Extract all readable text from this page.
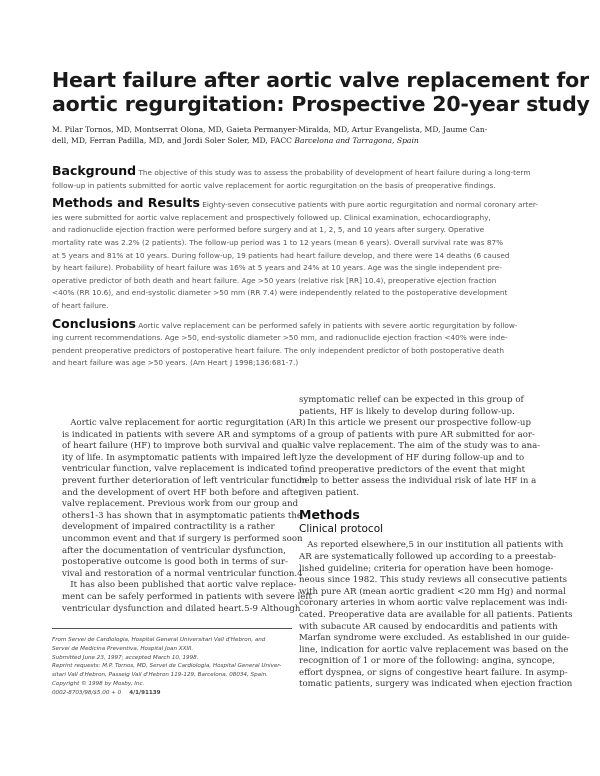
Heart failure after aortic valve replacement for
aortic regurgitation: Prospective 20-year study
M. Pilar Tornos, MD, Montserrat Olona, MD, Gaieta Permanyer-Miralda, MD, Artur Evangelista, MD, Jaume Can-
dell, MD, Ferran Padilla, MD, and Jordi Soler Soler, MD, FACC Barcelona and Tarragona, Spain
Background The objective of this study was to assess the probability of development of heart failure during a long-term
follow-up in patients submitted for aortic valve replacement for aortic regurgitation on the basis of preoperative findings.
Methods and Results Eighty-seven consecutive patients with pure aortic regurgitation and normal coronary arter-
ies were submitted for aortic valve replacement and prospectively followed up. Clinical examination, echocardiography,
and radionuclide ejection fraction were performed before surgery and at 1, 2, 5, and 10 years after surgery. Operative
mortality rate was 2.2% (2 patients). The follow-up period was 1 to 12 years (mean 6 years). Overall survival rate was 87%
at 5 years and 81% at 10 years. During follow-up, 19 patients had heart failure develop, and there were 14 deaths (6 caused
by heart failure). Probability of heart failure was 16% at 5 years and 24% at 10 years. Age was the single independent pre-
operative predictor of both death and heart failure. Age >50 years (relative risk [RR] 10.4), preoperative ejection fraction
<40% (RR 10.6), and end-systolic diameter >50 mm (RR 7.4) were independently related to the postoperative development
of heart failure.
Conclusions Aortic valve replacement can be performed safely in patients with severe aortic regurgitation by follow-
ing current recommendations. Age >50, end-systolic diameter >50 mm, and radionuclide ejection fraction <40% were inde-
pendent preoperative predictors of postoperative heart failure. The only independent predictor of both postoperative death
and heart failure was age >50 years. (Am Heart J 1998;136:681-7.)
Aortic valve replacement for aortic regurgitation (AR)
is indicated in patients with severe AR and symptoms
of heart failure (HF) to improve both survival and qual-
ity of life. In asymptomatic patients with impaired left
ventricular function, valve replacement is indicated to
prevent further deterioration of left ventricular function
and the development of overt HF both before and after
valve replacement. Previous work from our group and
others1-3 has shown that in asymptomatic patients the
development of impaired contractility is a rather
uncommon event and that if surgery is performed soon
after the documentation of ventricular dysfunction,
postoperative outcome is good both in terms of sur-
vival and restoration of a normal ventricular function.4
It has also been published that aortic valve replace-
ment can be safely performed in patients with severe left
ventricular dysfunction and dilated heart.5-9 Although
From Servei de Cardiologia, Hospital General Universitari Vall d'Hebron, and
Servei de Medicina Preventiva, Hospital Joan XXIII.
Submitted June 23, 1997; accepted March 10, 1998.
Reprint requests: M.P. Tornos, MD, Servei de Cardiologia, Hospital General Univer-
sitari Vall d'Hebron, Passeig Vall d'Hebron 119-129, Barcelona, 08034, Spain.
Copyright © 1998 by Mosby, Inc.
0002-8703/98/$5.00 + 0 4/1/91139
symptomatic relief can be expected in this group of
patients, HF is likely to develop during follow-up.
In this article we present our prospective follow-up
of a group of patients with pure AR submitted for aor-
tic valve replacement. The aim of the study was to ana-
lyze the development of HF during follow-up and to
find preoperative predictors of the event that might
help to better assess the individual risk of late HF in a
given patient.
Methods
Clinical protocol
As reported elsewhere,5 in our institution all patients with
AR are systematically followed up according to a preestab-
lished guideline; criteria for operation have been homoge-
neous since 1982. This study reviews all consecutive patients
with pure AR (mean aortic gradient <20 mm Hg) and normal
coronary arteries in whom aortic valve replacement was indi-
cated. Preoperative data are available for all patients. Patients
with subacute AR caused by endocarditis and patients with
Marfan syndrome were excluded. As established in our guide-
line, indication for aortic valve replacement was based on the
recognition of 1 or more of the following: angina, syncope,
effort dyspnea, or signs of congestive heart failure. In asymp-
tomatic patients, surgery was indicated when ejection fraction
